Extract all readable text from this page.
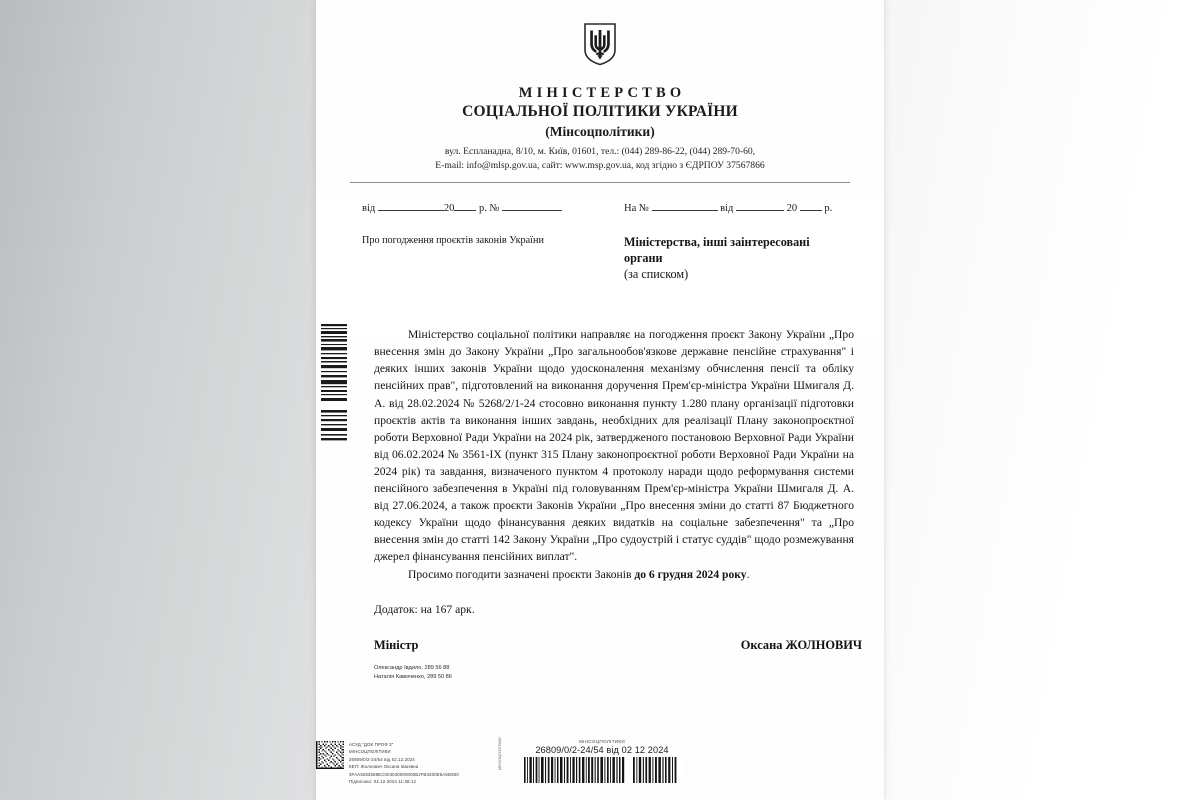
МІНІСТЕРСТВО
СОЦІАЛЬНОЇ ПОЛІТИКИ УКРАЇНИ
(Мінсоцполітики)
вул. Еспланадна, 8/10, м. Київ, 01601, тел.: (044) 289-86-22, (044) 289-70-60,
E-mail: info@mlsp.gov.ua, сайт: www.msp.gov.ua, код згідно з ЄДРПОУ 37567866
від	20 р. №	На №	від	20	р.
Про погодження проєктів законів України	Міністерства, інші заінтересовані
органи
(за списком)

Міністерство соціальної політики направляє на погодження проєкт Закону України „Про внесення змін до Закону України „Про загальнообов'язкове державне пенсійне страхування" і деяких інших законів України щодо удосконалення механізму обчислення пенсії та обліку пенсійних прав", підготовлений на виконання доручення Прем'єр-міністра України Шмигаля Д. А. від 28.02.2024 № 5268/2/1-24 стосовно виконання пункту 1.280 плану організації підготовки проєктів актів та виконання інших завдань, необхідних для реалізації Плану законопроєктної роботи Верховної Ради України на 2024 рік, затвердженого постановою Верховної Ради України від 06.02.2024 № 3561-IX (пункт 315 Плану законопроєктної роботи Верховної Ради України на 2024 рік) та завдання, визначеного пунктом 4 протоколу наради щодо реформування системи пенсійного забезпечення в Україні під головуванням Прем'єр-міністра України Шмигаля Д. А. від 27.06.2024, а також проєкти Законів України „Про внесення зміни до статті 87 Бюджетного кодексу України щодо фінансування деяких видатків на соціальне забезпечення" та „Про внесення змін до статті 142 Закону України „Про судоустрій і статус суддів" щодо розмежування джерел фінансування пенсійних виплат".

Просимо погодити зазначені проєкти Законів до 6 грудня 2024 року.

Додаток: на 167 арк.
Міністр	Оксана ЖОЛНОВИЧ
Олександр Івдило, 289 56 88
Наталія Кавюченко, 289 50 86
АСУД "ДОК ПРОФ 3"
МІНСОЦПОЛІТИКИ
26809/0/2-24/54 від 02.12.2024
КЕП: Жолнович Оксана Іванівна
3FAA9283568EC003040000000BJFB3400E5A6D600
Підписано: 02.12.2024 11:38:12
МІНСОЦПОЛІТИКИ	МІНСОЦПОЛІТИКИ
26809/0/2-24/54 від 02 12 2024
